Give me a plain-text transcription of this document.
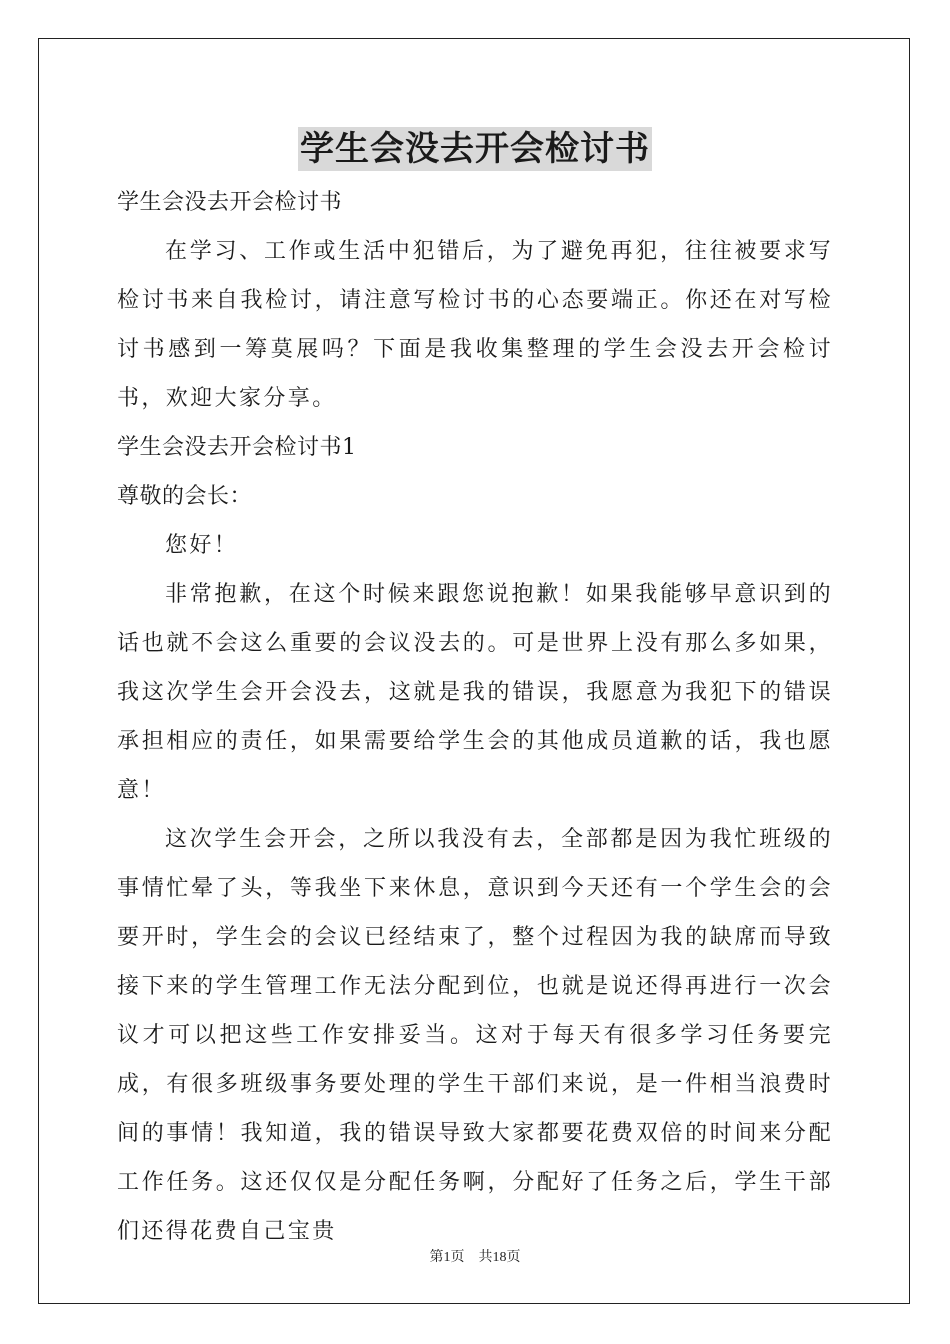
学生会没去开会检讨书
学生会没去开会检讨书

在学习、工作或生活中犯错后，为了避免再犯，往往被要求写检讨书来自我检讨，请注意写检讨书的心态要端正。你还在对写检讨书感到一筹莫展吗？下面是我收集整理的学生会没去开会检讨书，欢迎大家分享。

学生会没去开会检讨书1
尊敬的会长：

您好！

非常抱歉，在这个时候来跟您说抱歉！如果我能够早意识到的话也就不会这么重要的会议没去的。可是世界上没有那么多如果，我这次学生会开会没去，这就是我的错误，我愿意为我犯下的错误承担相应的责任，如果需要给学生会的其他成员道歉的话，我也愿意！

这次学生会开会，之所以我没有去，全部都是因为我忙班级的事情忙晕了头，等我坐下来休息，意识到今天还有一个学生会的会要开时，学生会的会议已经结束了，整个过程因为我的缺席而导致接下来的学生管理工作无法分配到位，也就是说还得再进行一次会议才可以把这些工作安排妥当。这对于每天有很多学习任务要完成，有很多班级事务要处理的学生干部们来说，是一件相当浪费时间的事情！我知道，我的错误导致大家都要花费双倍的时间来分配工作任务。这还仅仅是分配任务啊，分配好了任务之后，学生干部们还得花费自己宝贵

第1页 共18页
